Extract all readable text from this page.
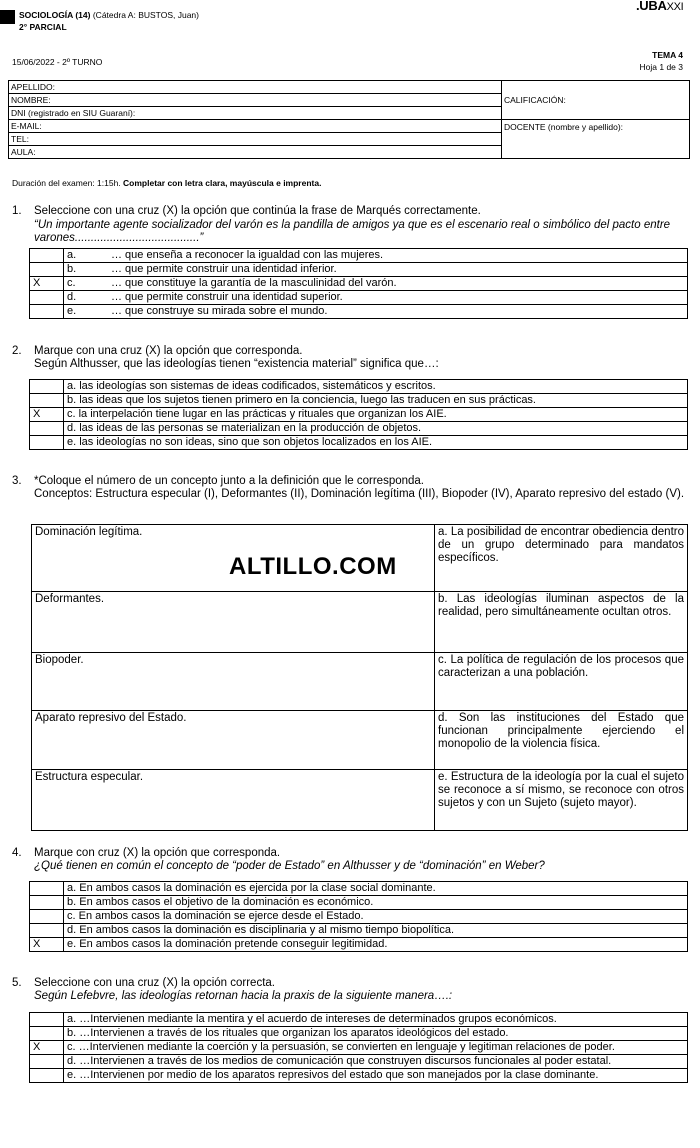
SOCIOLOGÍA (14) (Cátedra A: BUSTOS, Juan)
2° PARCIAL
.UBAXXI
15/06/2022 - 2º TURNO
TEMA 4
Hoja 1 de 3
APELLIDO:	CALIFICACIÓN:
NOMBRE:	
DNI (registrado en SIU Guaraní):	
E-MAIL:	DOCENTE (nombre y apellido):
TEL:	
AULA:	
Duración del examen: 1:15h. Completar con letra clara, mayúscula e imprenta.
1. Seleccione con una cruz (X) la opción que continúa la frase de Marqués correctamente.
“Un importante agente socializador del varón es la pandilla de amigos ya que es el escenario real o simbólico del pacto entre varones.......................................”
	a. … que enseña a reconocer la igualdad con las mujeres.
	b. … que permite construir una identidad inferior.
X	c. … que constituye la garantía de la masculinidad del varón.
	d. … que permite construir una identidad superior.
	e. … que construye su mirada sobre el mundo.
2. Marque con una cruz (X) la opción que corresponda.
Según Althusser, que las ideologías tienen “existencia material” significa que…:
	a. las ideologías son sistemas de ideas codificados, sistemáticos y escritos.
	b. las ideas que los sujetos tienen primero en la conciencia, luego las traducen en sus prácticas.
X	c. la interpelación tiene lugar en las prácticas y rituales que organizan los AIE.
	d. las ideas de las personas se materializan en la producción de objetos.
	e. las ideologías no son ideas, sino que son objetos localizados en los AIE.
3. *Coloque el número de un concepto junto a la definición que le corresponda.
Conceptos: Estructura especular (I), Deformantes (II), Dominación legítima (III), Biopoder (IV), Aparato represivo del estado (V).
Dominación legítima.	a. La posibilidad de encontrar obediencia dentro de un grupo determinado para mandatos específicos.
Deformantes.	b. Las ideologías iluminan aspectos de la realidad, pero simultáneamente ocultan otros.
Biopoder.	c. La política de regulación de los procesos que caracterizan a una población.
Aparato represivo del Estado.	d. Son las instituciones del Estado que funcionan principalmente ejerciendo el monopolio de la violencia física.
Estructura especular.	e. Estructura de la ideología por la cual el sujeto se reconoce a sí mismo, se reconoce con otros sujetos y con un Sujeto (sujeto mayor).
ALTILLO.COM
4. Marque con cruz (X) la opción que corresponda.
¿Qué tienen en común el concepto de “poder de Estado” en Althusser y de “dominación” en Weber?
	a. En ambos casos la dominación es ejercida por la clase social dominante.
	b. En ambos casos el objetivo de la dominación es económico.
	c. En ambos casos la dominación se ejerce desde el Estado.
	d. En ambos casos la dominación es disciplinaria y al mismo tiempo biopolítica.
X	e. En ambos casos la dominación pretende conseguir legitimidad.
5. Seleccione con una cruz (X) la opción correcta.
Según Lefebvre, las ideologías retornan hacia la praxis de la siguiente manera….:
	a. …Intervienen mediante la mentira y el acuerdo de intereses de determinados grupos económicos.
	b. …Intervienen a través de los rituales que organizan los aparatos ideológicos del estado.
X	c. …Intervienen mediante la coerción y la persuasión, se convierten en lenguaje y legitiman relaciones de poder.
	d. …Intervienen a través de los medios de comunicación que construyen discursos funcionales al poder estatal.
	e. …Intervienen por medio de los aparatos represivos del estado que son manejados por la clase dominante.
